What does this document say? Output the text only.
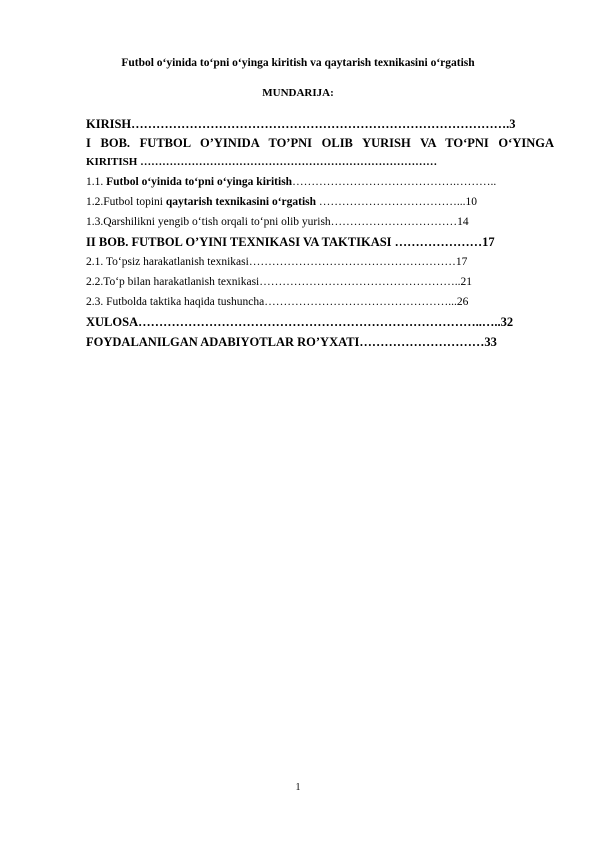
Futbol o‘yinida to‘pni o‘yinga kiritish va qaytarish texnikasini o‘rgatish
MUNDARIJA:
KIRISH……………………………………………………………………………….3
I BOB. FUTBOL O’YINIDA TO’PNI OLIB YURISH VA TO‘PNI O‘YINGA
KIRITISH ………………………………………………………………………
1.1. Futbol o‘yinida to‘pni o‘yinga kiritish…………………………………….………..
1.2.Futbol topini qaytarish texnikasini o‘rgatish ………………………………...10
1.3.Qarshilikni yengib o‘tish orqali to‘pni olib yurish……………………………14
II BOB. FUTBOL O’YINI TEXNIKASI VA TAKTIKASI …………………17
2.1. To‘psiz harakatlanish texnikasi………………………………………………17
2.2.To‘p bilan harakatlanish texnikasi……………………………………………..21
2.3. Futbolda taktika haqida tushuncha…………………………………………...26
XULOSA………………………………………………………………………..…..32
FOYDALANILGAN ADABIYOTLAR RO’YXATI…………………………33
1
